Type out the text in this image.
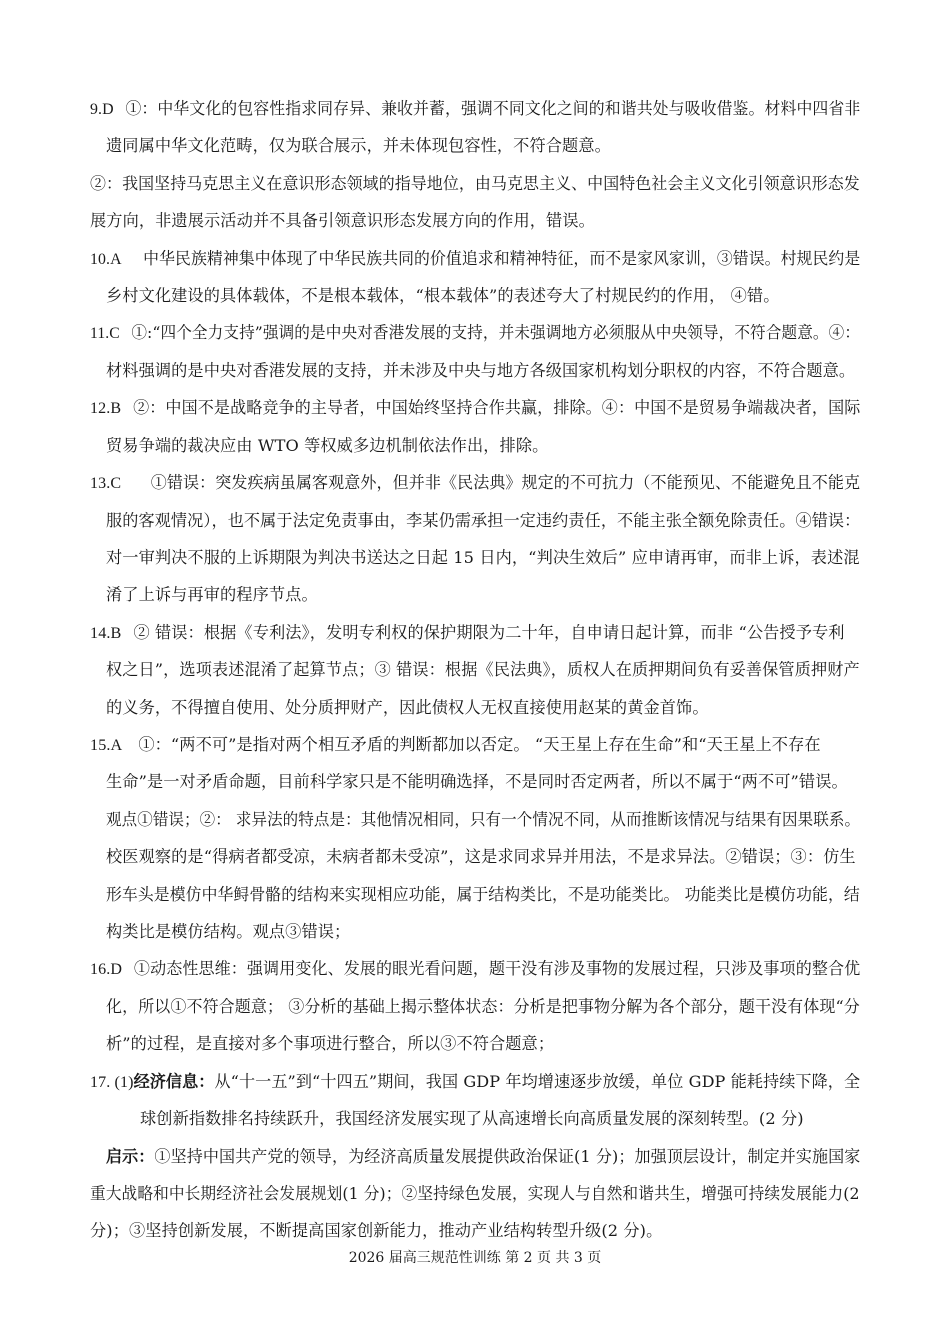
9.D ①：中华文化的包容性指求同存异、兼收并蓄，强调不同文化之间的和谐共处与吸收借鉴。材料中四省非
遗同属中华文化范畴，仅为联合展示，并未体现包容性，不符合题意。
②：我国坚持马克思主义在意识形态领域的指导地位，由马克思主义、中国特色社会主义文化引领意识形态发
展方向，非遗展示活动并不具备引领意识形态发展方向的作用，错误。
10.A 中华民族精神集中体现了中华民族共同的价值追求和精神特征，而不是家风家训，③错误。村规民约是
乡村文化建设的具体载体，不是根本载体，“根本载体”的表述夸大了村规民约的作用， ④错。
11.C ①:“四个全力支持”强调的是中央对香港发展的支持，并未强调地方必须服从中央领导，不符合题意。④：
材料强调的是中央对香港发展的支持，并未涉及中央与地方各级国家机构划分职权的内容，不符合题意。
12.B ②：中国不是战略竞争的主导者，中国始终坚持合作共赢，排除。④：中国不是贸易争端裁决者，国际
贸易争端的裁决应由 WTO 等权威多边机制依法作出，排除。
13.C ①错误：突发疾病虽属客观意外，但并非《民法典》规定的不可抗力（不能预见、不能避免且不能克
服的客观情况），也不属于法定免责事由，李某仍需承担一定违约责任，不能主张全额免除责任。④错误：
对一审判决不服的上诉期限为判决书送达之日起 15 日内，“判决生效后” 应申请再审，而非上诉，表述混
淆了上诉与再审的程序节点。
14.B ② 错误：根据《专利法》，发明专利权的保护期限为二十年，自申请日起计算，而非 “公告授予专利
权之日”，选项表述混淆了起算节点；③ 错误：根据《民法典》，质权人在质押期间负有妥善保管质押财产
的义务，不得擅自使用、处分质押财产，因此债权人无权直接使用赵某的黄金首饰。
15.A ①：“两不可”是指对两个相互矛盾的判断都加以否定。 “天王星上存在生命”和“天王星上不存在
生命”是一对矛盾命题，目前科学家只是不能明确选择，不是同时否定两者，所以不属于“两不可”错误。
观点①错误；②： 求异法的特点是：其他情况相同，只有一个情况不同，从而推断该情况与结果有因果联系。
校医观察的是“得病者都受凉，未病者都未受凉”，这是求同求异并用法，不是求异法。②错误；③：仿生
形车头是模仿中华鲟骨骼的结构来实现相应功能，属于结构类比，不是功能类比。 功能类比是模仿功能，结
构类比是模仿结构。观点③错误；
16.D ①动态性思维：强调用变化、发展的眼光看问题，题干没有涉及事物的发展过程，只涉及事项的整合优
化，所以①不符合题意； ③分析的基础上揭示整体状态：分析是把事物分解为各个部分，题干没有体现“分
析”的过程，是直接对多个事项进行整合，所以③不符合题意；
17. (1)经济信息：从“十一五”到“十四五”期间，我国 GDP 年均增速逐步放缓，单位 GDP 能耗持续下降，全
球创新指数排名持续跃升，我国经济发展实现了从高速增长向高质量发展的深刻转型。(2 分)
启示：①坚持中国共产党的领导，为经济高质量发展提供政治保证(1 分)；加强顶层设计，制定并实施国家
重大战略和中长期经济社会发展规划(1 分)；②坚持绿色发展，实现人与自然和谐共生，增强可持续发展能力(2
分)；③坚持创新发展，不断提高国家创新能力，推动产业结构转型升级(2 分)。
2026 届高三规范性训练 第 2 页 共 3 页
